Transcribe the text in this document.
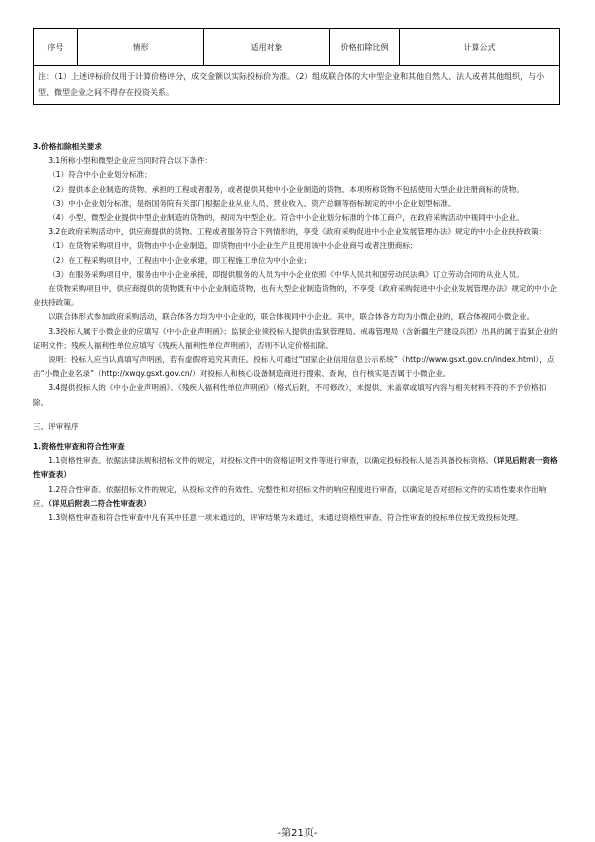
序号	情形	适用对象	价格扣除比例	计算公式
注：（1）上述评标价仅用于计算价格评分，成交金额以实际投标价为准。（2）组成联合体的大中型企业和其他自然人、法人或者其他组织，与小型、微型企业之间不得存在投资关系。

3.价格扣除相关要求

3.1所称小型和微型企业应当同时符合以下条件：

（1）符合中小企业划分标准；

（2）提供本企业制造的货物、承担的工程或者服务，或者提供其他中小企业制造的货物。本项所称货物不包括使用大型企业注册商标的货物。

（3）中小企业划分标准，是指国务院有关部门根据企业从业人员、营业收入、资产总额等指标制定的中小企业划型标准。

（4）小型、微型企业提供中型企业制造的货物的，视同为中型企业。符合中小企业划分标准的个体工商户，在政府采购活动中视同中小企业。

3.2在政府采购活动中，供应商提供的货物、工程或者服务符合下列情形的，享受《政府采购促进中小企业发展管理办法》规定的中小企业扶持政策：

（1）在货物采购项目中，货物由中小企业制造，即货物由中小企业生产且使用该中小企业商号或者注册商标；

（2）在工程采购项目中，工程由中小企业承建，即工程施工单位为中小企业；

（3）在服务采购项目中，服务由中小企业承接，即提供服务的人员为中小企业依照《中华人民共和国劳动民法典》订立劳动合同的从业人员。

在货物采购项目中，供应商提供的货物既有中小企业制造货物，也有大型企业制造货物的，不享受《政府采购促进中小企业发展管理办法》规定的中小企业扶持政策。

以联合体形式参加政府采购活动，联合体各方均为中小企业的，联合体视同中小企业。其中，联合体各方均为小微企业的，联合体视同小微企业。

3.3投标人属于小微企业的应填写《中小企业声明函》；监狱企业须投标人提供由监狱管理局、戒毒管理局（含新疆生产建设兵团）出具的属于监狱企业的证明文件；残疾人福利性单位应填写《残疾人福利性单位声明函》，否则不认定价格扣除。

说明：投标人应当认真填写声明函，若有虚假将追究其责任。投标人可通过“国家企业信用信息公示系统”（http://www.gsxt.gov.cn/index.html），点击“小微企业名录”（http://xwqy.gsxt.gov.cn/）对投标人和核心设备制造商进行搜索、查询，自行核实是否属于小微企业。

3.4提供投标人的《中小企业声明函》、《残疾人福利性单位声明函》（格式后附，不可修改），未提供、未盖章或填写内容与相关材料不符的不予价格扣除。

三、评审程序

1.资格性审查和符合性审查

1.1资格性审查。依据法律法规和招标文件的规定，对投标文件中的资格证明文件等进行审查，以确定投标投标人是否具备投标资格。（详见后附表一资格性审查表）

1.2符合性审查。依据招标文件的规定，从投标文件的有效性、完整性和对招标文件的响应程度进行审查，以确定是否对招标文件的实质性要求作出响应。（详见后附表二符合性审查表）

1.3资格性审查和符合性审查中凡有其中任意一项未通过的，评审结果为未通过，未通过资格性审查、符合性审查的投标单位按无效投标处理。

-第21页-
